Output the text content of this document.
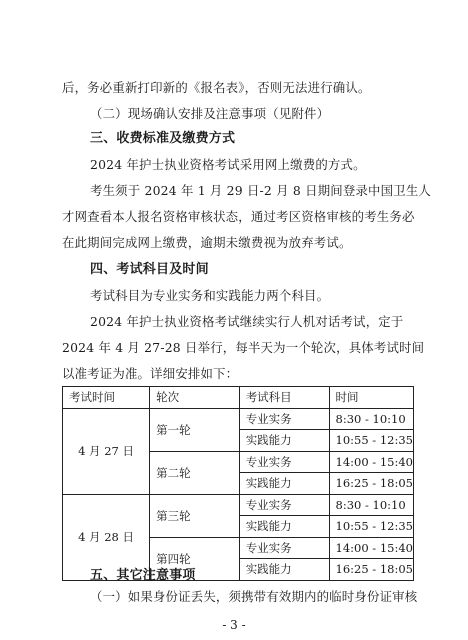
后，务必重新打印新的《报名表》，否则无法进行确认。
（二）现场确认安排及注意事项（见附件）
三、收费标准及缴费方式
2024 年护士执业资格考试采用网上缴费的方式。
考生须于 2024 年 1 月 29 日-2 月 8 日期间登录中国卫生人
才网查看本人报名资格审核状态，通过考区资格审核的考生务必
在此期间完成网上缴费，逾期未缴费视为放弃考试。
四、考试科目及时间
考试科目为专业实务和实践能力两个科目。
2024 年护士执业资格考试继续实行人机对话考试，定于
2024 年 4 月 27-28 日举行，每半天为一个轮次，具体考试时间
以准考证为准。详细安排如下：
考试时间	轮次	考试科目	时间
4 月 27 日	第一轮	专业实务	8:30 - 10:10
		实践能力	10:55 - 12:35
	第二轮	专业实务	14:00 - 15:40
		实践能力	16:25 - 18:05
4 月 28 日	第三轮	专业实务	8:30 - 10:10
		实践能力	10:55 - 12:35
	第四轮	专业实务	14:00 - 15:40
		实践能力	16:25 - 18:05
五、其它注意事项
（一）如果身份证丢失，须携带有效期内的临时身份证审核
- 3 -
